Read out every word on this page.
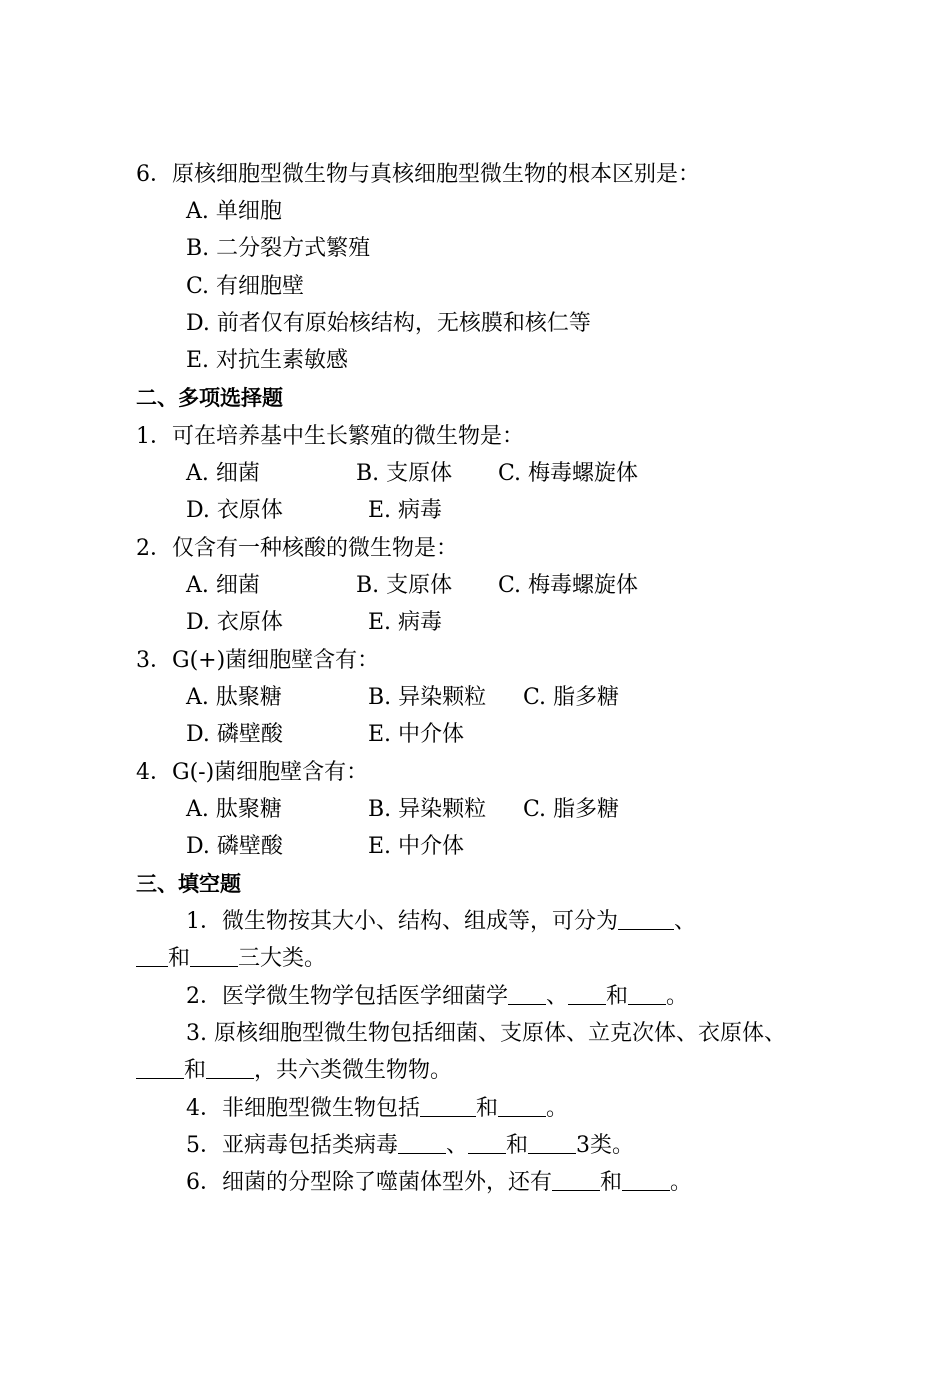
6．原核细胞型微生物与真核细胞型微生物的根本区别是：
A. 单细胞
B. 二分裂方式繁殖
C. 有细胞壁
D. 前者仅有原始核结构，无核膜和核仁等
E. 对抗生素敏感
二、多项选择题
1．可在培养基中生长繁殖的微生物是：
A. 细菌	B. 支原体 C. 梅毒螺旋体
D. 衣原体	E. 病毒
2．仅含有一种核酸的微生物是：
A. 细菌	B. 支原体 C. 梅毒螺旋体
D. 衣原体	E. 病毒
3．G(+)菌细胞壁含有：
A. 肽聚糖	B. 异染颗粒 C. 脂多糖
D. 磷壁酸	E. 中介体
4．G(-)菌细胞壁含有：
A. 肽聚糖	B. 异染颗粒 C. 脂多糖
D. 磷壁酸	E. 中介体
三、填空题
1．微生物按其大小、结构、组成等，可分为	、
和 三大类。
2．医学微生物学包括医学细菌学 、 和 。
3. 原核细胞型微生物包括细菌、支原体、立克次体、衣原体、
和 ，共六类微生物物。
4．非细胞型微生物包括	和 。
5．亚病毒包括类病毒 、 和 3类。
6．细菌的分型除了噬菌体型外，还有 和 。
